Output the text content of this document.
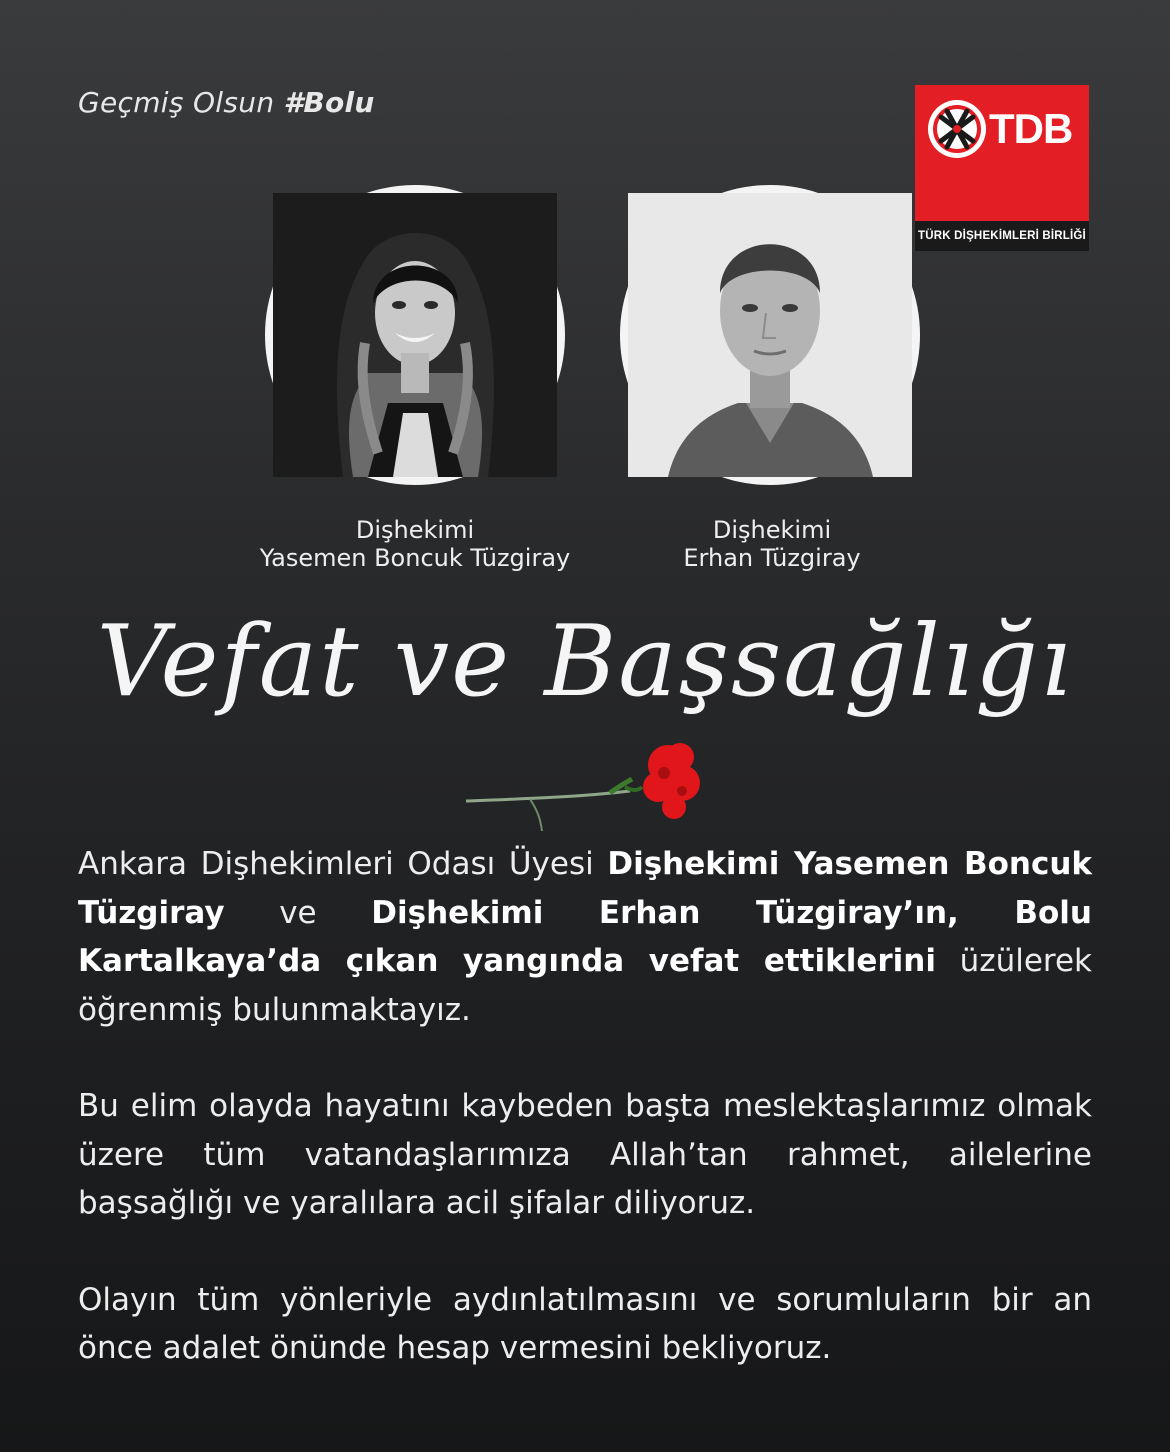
Geçmiş Olsun #Bolu
TDB
TÜRK DİŞHEKİMLERİ BİRLİĞİ
Dişhekimi
Yasemen Boncuk Tüzgiray
Dişhekimi
Erhan Tüzgiray
Vefat ve Başsağlığı

Ankara Dişhekimleri Odası Üyesi Dişhekimi Yasemen Boncuk Tüzgiray ve Dişhekimi Erhan Tüzgiray’ın, Bolu Kartalkaya’da çıkan yangında vefat ettiklerini üzülerek öğrenmiş bulunmaktayız.

Bu elim olayda hayatını kaybeden başta meslektaşlarımız olmak üzere tüm vatandaşlarımıza Allah’tan rahmet, ailelerine başsağlığı ve yaralılara acil şifalar diliyoruz.

Olayın tüm yönleriyle aydınlatılmasını ve sorumluların bir an önce adalet önünde hesap vermesini bekliyoruz.
